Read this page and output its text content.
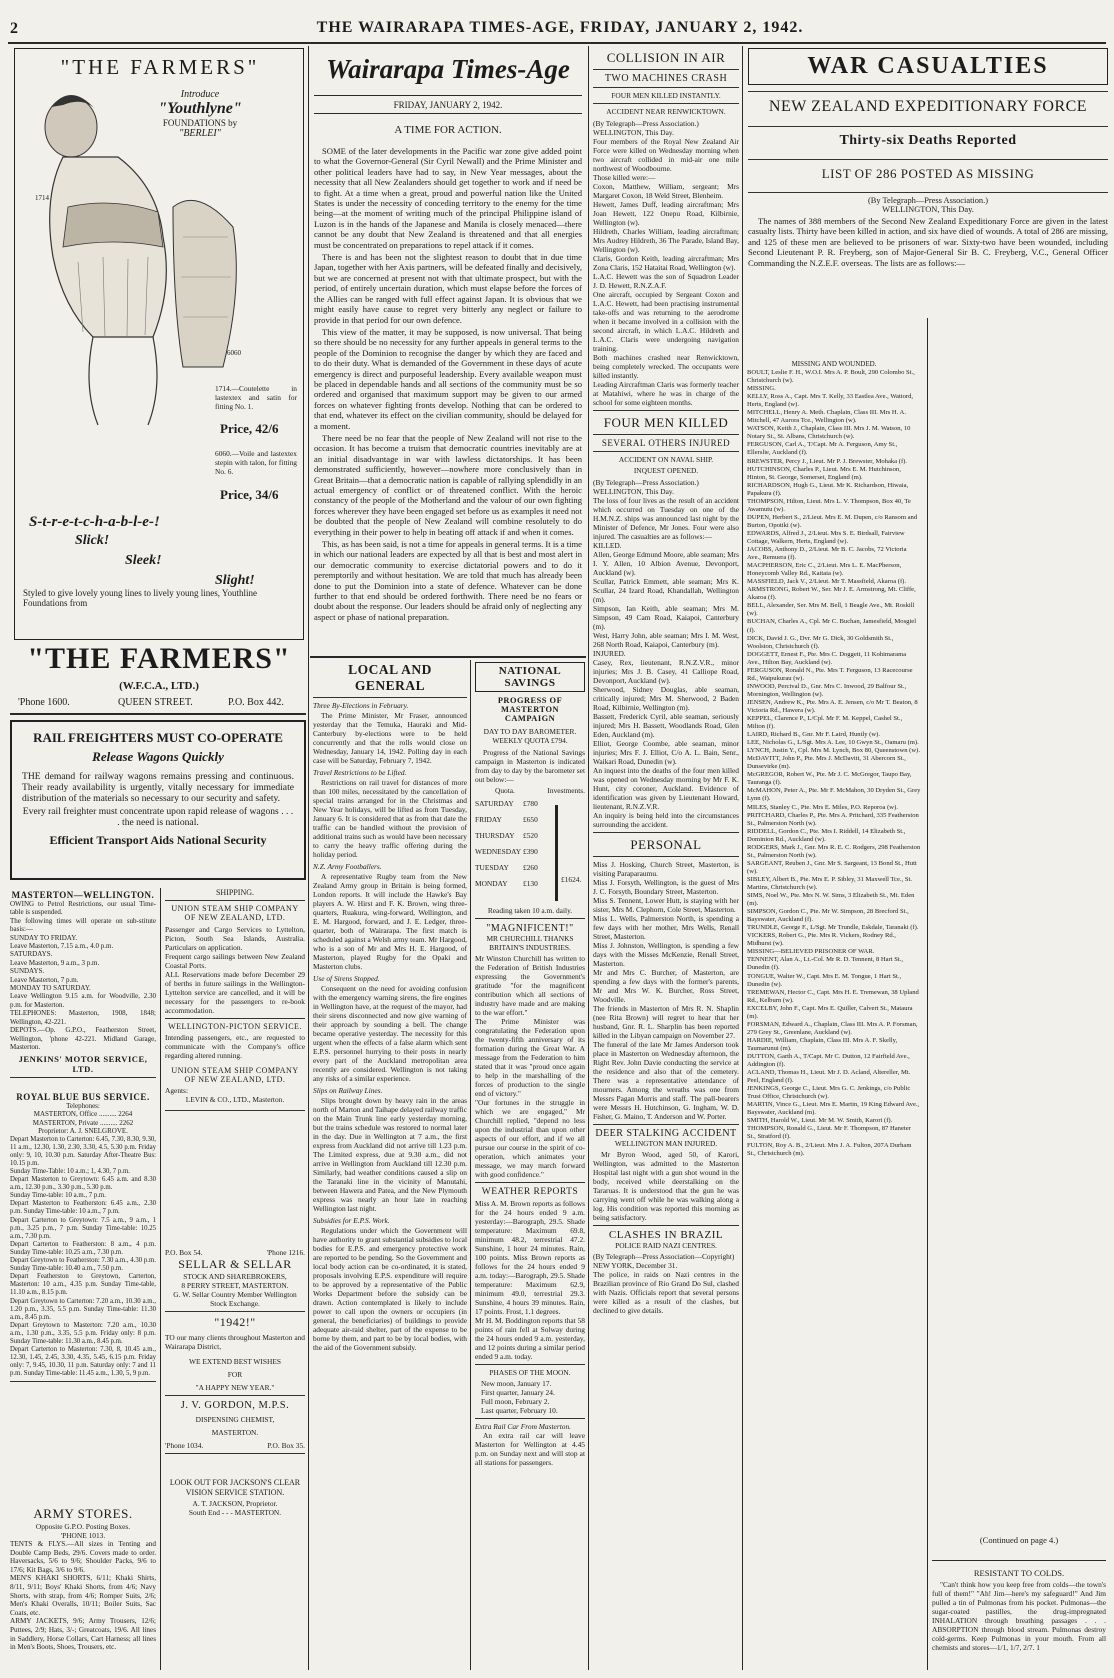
2	THE WAIRARAPA TIMES-AGE, FRIDAY, JANUARY 2, 1942.
"THE FARMERS"
Introduce
"Youthlyne"
FOUNDATIONS by
"BERLEI"
1714
6060
1714.—Coutelette in lastextex and satin for fitting No. 1.
Price, 42/6
6060.—Voile and lastextex stepin with talon, for fitting No. 6.
Price, 34/6
S-t-r-e-t-c-h-a-b-l-e-!
Slick!
Sleek!
Slight!
Styled to give lovely young lines to lively young lines, Youthline Foundations from
"THE FARMERS"
(W.F.C.A., LTD.)
'Phone 1600.	QUEEN STREET.	P.O. Box 442.
RAIL FREIGHTERS MUST CO-OPERATE
Release Wagons Quickly
THE demand for railway wagons remains pressing and continuous. Their ready availability is urgently, vitally necessary for immediate distribution of the materials so necessary to our security and safety.
Every rail freighter must concentrate upon rapid release of wagons . . . . the need is national.
Efficient Transport Aids National Security
MASTERTON—WELLINGTON.
OWING to Petrol Restrictions, our usual Time-table is suspended.
The following times will operate on sub-stitute basis:—
SUNDAY TO FRIDAY.
Leave Masterton, 7.15 a.m., 4.0 p.m.
SATURDAYS.
Leave Masterton, 9 a.m., 3 p.m.
SUNDAYS.
Leave Masterton, 7 p.m.
MONDAY TO SATURDAY.
Leave Wellington 9.15 a.m. for Woodville, 2.30 p.m. for Masterton.
TELEPHONES: Masterton, 1908, 1848; Wellington, 42-221.
DEPOTS.—Op. G.P.O., Featherston Street, Wellington, 'phone 42-221. Midland Garage, Masterton.
JENKINS' MOTOR SERVICE, LTD.
ROYAL BLUE BUS SERVICE.
Telephones:
MASTERTON, Office .......... 2264
MASTERTON, Private .......... 2262
Proprietor: A. J. SNELGROVE.
Depart Masterton to Carterton: 6.45, 7.30, 8.30, 9.30, 11 a.m., 12.30, 1.30, 2.30, 3.30, 4.5, 5.30 p.m. Friday only: 9, 10, 10.30 p.m. Saturday After-Theatre Bus: 10.15 p.m.
Sunday Time-Table: 10 a.m.; 1, 4.30, 7 p.m.
Depart Masterton to Greytown: 6.45 a.m. and 8.30 a.m., 12.30 p.m., 3.30 p.m., 5.30 p.m.
Sunday Time-table: 10 a.m., 7 p.m.
Depart Masterton to Featherston: 6.45 a.m., 2.30 p.m. Sunday Time-table: 10 a.m., 7 p.m.
Depart Carterton to Greytown: 7.5 a.m., 9 a.m., 1 p.m., 3.25 p.m., 7 p.m. Sunday Time-table: 10.25 a.m., 7.30 p.m.
Depart Carterton to Featherston: 8 a.m., 4 p.m. Sunday Time-table: 10.25 a.m., 7.30 p.m.
Depart Greytown to Featherston: 7.30 a.m., 4.30 p.m. Sunday Time-table: 10.40 a.m., 7.50 p.m.
Depart Featherston to Greytown, Carterton, Masterton: 10 a.m., 4.35 p.m. Sunday Time-table, 11.10 a.m., 8.15 p.m.
Depart Greytown to Carterton: 7.20 a.m., 10.30 a.m., 1.20 p.m., 3.35, 5.5 p.m. Sunday Time-table: 11.30 a.m., 8.45 p.m.
Depart Greytown to Masterton: 7.20 a.m., 10.30 a.m., 1.30 p.m., 3.35, 5.5 p.m. Friday only: 8 p.m. Sunday Time-table: 11.30 a.m., 8.45 p.m.
Depart Carterton to Masterton: 7.30, 8, 10.45 a.m., 12.30, 1.45, 2.45, 3.30, 4.35, 5.45, 6.15 p.m. Friday only: 7, 9.45, 10.30, 11 p.m. Saturday only: 7 and 11 p.m. Sunday Time-table: 11.45 a.m., 1.30, 5, 9 p.m.
ARMY STORES.
Opposite G.P.O. Posting Boxes.
'PHONE 1013.
TENTS & FLYS.—All sizes in Tenting and Double Camp Beds, 29/6. Covers made to order. Haversacks, 5/6 to 9/6; Shoulder Packs, 9/6 to 17/6; Kit Bags, 3/6 to 9/6.
MEN'S KHAKI SHORTS, 6/11; Khaki Shirts, 8/11, 9/11; Boys' Khaki Shorts, from 4/6; Navy Shorts, with strap, from 4/6; Romper Suits, 2/6; Men's Khaki Overalls, 10/11; Boiler Suits, Sac Coats, etc.
ARMY JACKETS, 9/6; Army Trousers, 12/6; Puttees, 2/9; Hats, 3/-; Greatcoats, 19/6. All lines in Saddlery, Horse Collars, Cart Harness; all lines in Men's Boots, Shoes, Trousers, etc.
SHIPPING.
UNION STEAM SHIP COMPANY OF NEW ZEALAND, LTD.
Passenger and Cargo Services to Lyttelton, Picton, South Sea Islands, Australia. Particulars on application.
Frequent cargo sailings between New Zealand Coastal Ports.
ALL Reservations made before December 29 of berths in future sailings in the Wellington-Lyttelton service are cancelled, and it will be necessary for the passengers to re-book accommodation.
WELLINGTON-PICTON SERVICE.
Intending passengers, etc., are requested to communicate with the Company's office regarding altered running.
UNION STEAM SHIP COMPANY OF NEW ZEALAND, LTD.
Agents:
LEVIN & CO., LTD., Masterton.
P.O. Box 54.	'Phone 1216.
SELLAR & SELLAR
STOCK AND SHAREBROKERS,
8 PERRY STREET, MASTERTON.
G. W. Sellar Country Member Wellington Stock Exchange.
"1942!"
TO our many clients throughout Masterton and Wairarapa District,
WE EXTEND BEST WISHES
FOR
"A HAPPY NEW YEAR."
J. V. GORDON, M.P.S.
DISPENSING CHEMIST,
MASTERTON.
'Phone 1034.	P.O. Box 35.
LOOK OUT FOR JACKSON'S CLEAR VISION SERVICE STATION.
A. T. JACKSON, Proprietor.
South End - - - MASTERTON.
Wairarapa Times-Age
FRIDAY, JANUARY 2, 1942.
A TIME FOR ACTION.

SOME of the later developments in the Pacific war zone give added point to what the Governor-General (Sir Cyril Newall) and the Prime Minister and other political leaders have had to say, in New Year messages, about the necessity that all New Zealanders should get together to work and if need be to fight. At a time when a great, proud and powerful nation like the United States is under the necessity of conceding territory to the enemy for the time being—at the moment of writing much of the principal Philippine island of Luzon is in the hands of the Japanese and Manila is closely menaced—there cannot be any doubt that New Zealand is threatened and that all energies must be concentrated on preparations to repel attack if it comes.

There is and has been not the slightest reason to doubt that in due time Japan, together with her Axis partners, will be defeated finally and decisively, but we are concerned at present not with that ultimate prospect, but with the period, of entirely uncertain duration, which must elapse before the forces of the Allies can be ranged with full effect against Japan. It is obvious that we might easily have cause to regret very bitterly any neglect or failure to provide in that period for our own defence.

This view of the matter, it may be supposed, is now universal. That being so there should be no necessity for any further appeals in general terms to the people of the Dominion to recognise the danger by which they are faced and to do their duty. What is demanded of the Government in these days of acute emergency is direct and purposeful leadership. Every available weapon must be placed in dependable hands and all sections of the community must be so ordered and organised that maximum support may be given to our armed forces on whatever fighting fronts develop. Nothing that can be ordered to that end, whatever its effect on the civilian community, should be delayed for a moment.

There need be no fear that the people of New Zealand will not rise to the occasion. It has become a truism that democratic countries inevitably are at an initial disadvantage in war with lawless dictatorships. It has been demonstrated sufficiently, however—nowhere more conclusively than in Great Britain—that a democratic nation is capable of rallying splendidly in an actual emergency of conflict or of threatened conflict. With the heroic constancy of the people of the Motherland and the valour of our own fighting forces wherever they have been engaged set before us as examples it need not be doubted that the people of New Zealand will combine resolutely to do everything in their power to help in beating off attack if and when it comes.

This, as has been said, is not a time for appeals in general terms. It is a time in which our national leaders are expected by all that is best and most alert in our democratic community to exercise dictatorial powers and to do it peremptorily and without hesitation. We are told that much has already been done to put the Dominion into a state of defence. Whatever can be done further to that end should be ordered forthwith. There need be no fears or doubt about the response. Our leaders should be afraid only of neglecting any aspect or phase of national preparation.

LOCAL AND GENERAL
Three By-Elections in February.

The Prime Minister, Mr Fraser, announced yesterday that the Temuka, Hauraki and Mid-Canterbury by-elections were to be held concurrently and that the rolls would close on Wednesday, January 14, 1942. Polling day in each case will be Saturday, February 7, 1942.

Travel Restrictions to be Lifted.

Restrictions on rail travel for distances of more than 100 miles, necessitated by the cancellation of special trains arranged for in the Christmas and New Year holidays, will be lifted as from Tuesday, January 6. It is considered that as from that date the traffic can be handled without the provision of additional trains such as would have been necessary to carry the heavy traffic offering during the holiday period.

N.Z. Army Footballers.

A representative Rugby team from the New Zealand Army group in Britain is being formed, London reports. It will include the Hawke's Bay players A. W. Hirst and F. K. Brown, wing three-quarters, Ruakura, wing-forward, Wellington, and E. M. Hargood, forward, and J. E. Ledger, three-quarter, both of Wairarapa. The first match is scheduled against a Welsh army team. Mr Hargood, who is a son of Mr and Mrs H. E. Hargood, of Masterton, played Rugby for the Opaki and Masterton clubs.

Use of Sirens Stopped.

Consequent on the need for avoiding confusion with the emergency warning sirens, the fire engines in Wellington have, at the request of the mayor, had their sirens disconnected and now give warning of their approach by sounding a bell. The change became operative yesterday. The necessity for this urgent when the effects of a false alarm which sent E.P.S. personnel hurrying to their posts in nearly every part of the Auckland metropolitan area recently are considered. Wellington is not taking any risks of a similar experience.

Slips on Railway Lines.

Slips brought down by heavy rain in the areas north of Marton and Taihape delayed railway traffic on the Main Trunk line early yesterday morning, but the trains schedule was restored to normal later in the day. Due in Wellington at 7 a.m., the first express from Auckland did not arrive till 1.23 p.m. The Limited express, due at 9.30 a.m., did not arrive in Wellington from Auckland till 12.30 p.m. Similarly, bad weather conditions caused a slip on the Taranaki line in the vicinity of Manutahi, between Hawera and Patea, and the New Plymouth express was nearly an hour late in reaching Wellington last night.

Subsidies for E.P.S. Work.

Regulations under which the Government will have authority to grant substantial subsidies to local bodies for E.P.S. and emergency protective work are reported to be pending. So the Government and local body action can be co-ordinated, it is stated, proposals involving E.P.S. expenditure will require to be approved by a representative of the Public Works Department before the subsidy can be drawn. Action contemplated is likely to include power to call upon the owners or occupiers (in general, the beneficiaries) of buildings to provide adequate air-raid shelter, part of the expense to be borne by them, and part to be by local bodies, with the aid of the Government subsidy.

NATIONAL SAVINGS
PROGRESS OF MASTERTON CAMPAIGN
DAY TO DAY BAROMETER.
WEEKLY QUOTA £794.

Progress of the National Savings campaign in Masterton is indicated from day to day by the barometer set out below:—

Quota.	Investments.
SATURDAY	£780
FRIDAY	£650
THURSDAY	£520
WEDNESDAY £390
TUESDAY	£260
MONDAY	£130	£1624.
Reading taken 10 a.m. daily.
"MAGNIFICENT!"
MR CHURCHILL THANKS BRITAIN'S INDUSTRIES.
Mr Winston Churchill has written to the Federation of British Industries expressing the Government's gratitude "for the magnificent contribution which all sections of industry have made and are making to the war effort."
The Prime Minister was congratulating the Federation upon the twenty-fifth anniversary of its formation during the Great War. A message from the Federation to him stated that it was "proud once again to help in the marshalling of the forces of production to the single end of victory."
"Our fortunes in the struggle in which we are engaged," Mr Churchill replied, "depend no less upon the industrial than upon other aspects of our effort, and if we all pursue our course in the spirit of co-operation, which animates your message, we may march forward with good confidence."
WEATHER REPORTS
Miss A. M. Brown reports as follows for the 24 hours ended 9 a.m. yesterday:—Barograph, 29.5. Shade temperature: Maximum 69.8, minimum 48.2, terrestrial 47.2. Sunshine, 1 hour 24 minutes. Rain, 100 points. Miss Brown reports as follows for the 24 hours ended 9 a.m. today:—Barograph, 29.5. Shade temperature: Maximum 62.9, minimum 49.0, terrestrial 29.3. Sunshine, 4 hours 39 minutes. Rain, 17 points. Frost, 1.1 degrees.
Mr H. M. Boddington reports that 58 points of rain fell at Solway during the 24 hours ended 9 a.m. yesterday, and 12 points during a similar period ended 9 a.m. today.
PHASES OF THE MOON.
New moon, January 17.
First quarter, January 24.
Full moon, February 2.
Last quarter, February 10.
Extra Rail Car From Masterton.

An extra rail car will leave Masterton for Wellington at 4.45 p.m. on Sunday next and will stop at all stations for passengers.

COLLISION IN AIR
TWO MACHINES CRASH
FOUR MEN KILLED INSTANTLY.
ACCIDENT NEAR RENWICKTOWN.
(By Telegraph—Press Association.)
WELLINGTON, This Day.
Four members of the Royal New Zealand Air Force were killed on Wednesday morning when two aircraft collided in mid-air one mile northwest of Woodbourne.
Those killed were:—
Coxon, Matthew, William, sergeant; Mrs Margaret Coxon, 18 Weld Street, Blenheim.
Hewett, James Duff, leading aircraftman; Mrs Joan Hewett, 122 Onepu Road, Kilbirnie, Wellington (w).
Hildreth, Charles William, leading aircraftman; Mrs Audrey Hildreth, 36 The Parade, Island Bay, Wellington (w).
Claris, Gordon Keith, leading aircraftman; Mrs Zona Claris, 152 Hataitai Road, Wellington (w).
L.A.C. Hewett was the son of Squadron Leader J. D. Hewett, R.N.Z.A.F.
One aircraft, occupied by Sergeant Coxon and L.A.C. Hewett, had been practising instrumental take-offs and was returning to the aerodrome when it became involved in a collision with the second aircraft, in which L.A.C. Hildreth and L.A.C. Claris were undergoing navigation training.
Both machines crashed near Renwicktown, being completely wrecked. The occupants were killed instantly.
Leading Aircraftman Claris was formerly teacher at Matahiwi, where he was in charge of the school for some eighteen months.
FOUR MEN KILLED
SEVERAL OTHERS INJURED
ACCIDENT ON NAVAL SHIP.
INQUEST OPENED.
(By Telegraph—Press Association.)
WELLINGTON, This Day.
The loss of four lives as the result of an accident which occurred on Tuesday on one of the H.M.N.Z. ships was announced last night by the Minister of Defence, Mr Jones. Four were also injured. The casualties are as follows:—
KILLED.
Allen, George Edmund Moore, able seaman; Mrs I. Y. Allen, 10 Albion Avenue, Devonport, Auckland (w).
Scullar, Patrick Emmett, able seaman; Mrs K. Scullar, 24 Izard Road, Khandallah, Wellington (m).
Simpson, Ian Keith, able seaman; Mrs M. Simpson, 49 Cam Road, Kaiapoi, Canterbury (m).
West, Harry John, able seaman; Mrs I. M. West, 268 North Road, Kaiapoi, Canterbury (m).
INJURED.
Casey, Rex, lieutenant, R.N.Z.V.R., minor injuries; Mrs J. B. Casey, 41 Calliope Road, Devonport, Auckland (w).
Sherwood, Sidney Douglas, able seaman, critically injured; Mrs M. Sherwood, 2 Baden Road, Kilbirnie, Wellington (m).
Bassett, Frederick Cyril, able seaman, seriously injured; Mrs H. Bassett, Woodlands Road, Glen Eden, Auckland (m).
Elliot, George Coombe, able seaman, minor injuries; Mrs F. J. Elliot, C/o A. L. Bain, Senr., Waikari Road, Dunedin (w).
An inquest into the deaths of the four men killed was opened on Wednesday morning by Mr F. K. Hunt, city coroner, Auckland. Evidence of identification was given by Lieutenant Howard, lieutenant, R.N.Z.V.R.
An inquiry is being held into the circumstances surrounding the accident.
PERSONAL
Miss J. Hosking, Church Street, Masterton, is visiting Paraparaumu.
Miss J. Forsyth, Wellington, is the guest of Mrs J. C. Forsyth, Boundary Street, Masterton.
Miss S. Tennent, Lower Hutt, is staying with her sister, Mrs M. Clephorn, Cole Street, Masterton.
Miss L. Wells, Palmerston North, is spending a few days with her mother, Mrs Wells, Renall Street, Masterton.
Miss J. Johnston, Wellington, is spending a few days with the Misses McKenzie, Renall Street, Masterton.
Mr and Mrs C. Burcher, of Masterton, are spending a few days with the former's parents, Mr and Mrs W. K. Burcher, Ross Street, Woodville.
The friends in Masterton of Mrs R. N. Shaplin (nee Rita Brown) will regret to hear that her husband, Gnr. R. L. Sharplin has been reported killed in the Libyan campaign on November 27.
The funeral of the late Mr James Anderson took place in Masterton on Wednesday afternoon, the Right Rev. John Davie conducting the service at the residence and also that of the cemetery. There was a representative attendance of mourners. Among the wreaths was one from Messrs Pagan Morris and staff. The pall-bearers were Messrs H. Hutchinson, G. Ingham, W. D. Fisher, G. Maino, T. Anderson and W. Porter.
DEER STALKING ACCIDENT
WELLINGTON MAN INJURED.

Mr Byron Wood, aged 50, of Karori, Wellington, was admitted to the Masterton Hospital last night with a gun shot wound in the body, received while deerstalking on the Tararuas. It is understood that the gun he was carrying went off while he was walking along a log. His condition was reported this morning as being satisfactory.

CLASHES IN BRAZIL
POLICE RAID NAZI CENTRES.
(By Telegraph—Press Association—Copyright)
NEW YORK, December 31.
The police, in raids on Nazi centres in the Brazilian province of Rio Grand Do Sul, clashed with Nazis. Officials report that several persons were killed as a result of the clashes, but declined to give details.
WAR CASUALTIES
NEW ZEALAND EXPEDITIONARY FORCE
Thirty-six Deaths Reported
LIST OF 286 POSTED AS MISSING
(By Telegraph—Press Association.)
WELLINGTON, This Day.

The names of 388 members of the Second New Zealand Expeditionary Force are given in the latest casualty lists. Thirty have been killed in action, and six have died of wounds. A total of 286 are missing, and 125 of these men are believed to be prisoners of war. Sixty-two have been wounded, including Second Lieutenant P. R. Freyberg, son of Major-General Sir B. C. Freyberg, V.C., General Officer Commanding the N.Z.E.F. overseas. The lists are as follows:—

MISSING AND WOUNDED.
BOULT, Leslie F. H., W.O.I. Mrs A. P. Boult, 290 Colombo St., Christchurch (w).
MISSING.
KELLY, Ross A., Capt. Mrs T. Kelly, 33 Eastlea Ave., Wattord, Herts, England (w).
MITCHELL, Henry A. Meth. Chaplain, Class III. Mrs H. A. Mitchell, 47 Aurora Tce., Wellington (w).
WATSON, Keith J., Chaplain, Class III. Mrs J. M. Watson, 10 Notary St., St. Albans, Christchurch (w).
FERGUSON, Carl A., T/Capt. Mr A. Ferguson, Amy St., Ellerslie, Auckland (f).
BREWSTER, Percy J., Lieut. Mr P. J. Brewster, Mohaka (f).
HUTCHINSON, Charles P., Lieut. Mrs E. M. Hutchinson, Hinton, St. George, Somerset, England (m).
RICHARDSON, Hugh G., Lieut. Mr K. Richardson, Hiwaia, Papakura (f).
THOMPSON, Hilton, Lieut. Mrs L. V. Thompson, Box 40, Te Awamutu (w).
DUPEN, Herbert S., 2/Lieut. Mrs E. M. Dupen, c/o Ransom and Burton, Opotiki (w).
EDWARDS, Alfred J., 2/Lieut. Mrs S. E. Birdsall, Fairview Cottage, Walkern, Herts, England (w).
JACOBS, Anthony D., 2/Lieut. Mr B. C. Jacobs, 72 Victoria Ave., Remuera (f).
MACPHERSON, Eric C., 2/Lieut. Mrs L. E. MacPherson, Honeycomb Valley Rd., Kaitaia (w).
MASSFIELD, Jack V., 2/Lieut. Mr T. Massfield, Akaroa (f).
ARMSTRONG, Robert W., Ser. Mr J. E. Armstrong, Mt. Cliffe, Akaroa (f).
BELL, Alexander, Ser. Mrs M. Bell, 1 Beagle Ave., Mt. Roskill (w).
BUCHAN, Charles A., Cpl. Mr C. Buchan, Jamesfield, Mosgiel (f).
DICK, David J. G., Dvr. Mr G. Dick, 30 Goldsmith St., Woolston, Christchurch (f).
DOGGETT, Ernest F., Pte. Mrs C. Doggett, 11 Kohimarama Ave., Hilton Bay, Auckland (w).
FERGUSON, Ronald N., Pte. Mrs T. Ferguson, 13 Racecourse Rd., Waipukurau (w).
INWOOD, Percival D., Gnr. Mrs C. Inwood, 29 Balfour St., Mornington, Wellington (w).
JENSEN, Andrew K., Pte. Mrs A. E. Jensen, c/o Mr T. Beaton, 8 Victoria Rd., Hawera (w).
KEPPEL, Clarence P., L/Cpl. Mr F. M. Keppel, Cashel St., Milton (f).
LAIRD, Richard B., Gnr. Mr F. Laird, Huntly (w).
LEE, Nicholas G., L/Sgt. Mrs A. Lee, 10 Gwyn St., Oamaru (m).
LYNCH, Justin Y., Cpl. Mrs M. Lynch, Box 80, Queenstown (w).
McDAVITT, John P., Pte. Mrs J. McDavitt, 31 Abercorn St., Dunsevirke (m).
McGREGOR, Robert W., Pte. Mr J. C. McGregor, Taupo Bay, Tauranga (f).
McMAHON, Peter A., Pte. Mr F. McMahon, 30 Dryden St., Grey Lynn (f).
MILES, Stanley C., Pte. Mrs E. Miles, P.O. Reporoa (w).
PRITCHARD, Charles P., Pte. Mrs A. Pritchard, 335 Featherston St., Palmerston North (w).
RIDDELL, Gordon C., Pte. Mrs I. Riddell, 14 Elizabeth St., Dominion Rd., Auckland (w).
RODGERS, Mark J., Gnr. Mrs R. E. C. Rodgers, 298 Featherston St., Palmerston North (w).
SARGEANT, Reuben J., Gnr. Mr S. Sargeant, 13 Bond St., Hutt (w).
SIBLEY, Albert B., Pte. Mrs E. P. Sibley, 31 Maxwell Tce., St. Martins, Christchurch (w).
SIMS, Noel W., Pte. Mrs N. W. Sims, 3 Elizabeth St., Mt. Eden (m).
SIMPSON, Gordon C., Pte. Mr W. Simpson, 28 Brecford St., Bayswater, Auckland (f).
TRUNDLE, George F., L/Sgt. Mr Trundle, Eskdale, Taranaki (f).
VICKERS, Robert G., Pte. Mrs R. Vickers, Rodney Rd., Midhurst (w).
MISSING—BELIEVED PRISONER OF WAR.
TENNENT, Alan A., Lt.-Col. Mr R. D. Tennent, 8 Hart St., Dunedin (f).
TONGUE, Walter W., Capt. Mrs E. M. Tongue, 1 Hart St., Dunedin (w).
TREMEWAN, Hector C., Capt. Mrs H. E. Tremewan, 38 Upland Rd., Kelburn (w).
EXCELBY, John F., Capt. Mrs E. Quiller, Calvert St., Mataura (m).
FORSMAN, Edward A., Chaplain, Class III. Mrs A. P. Forsman, 279 Grey St., Greenlane, Auckland (w).
HARDIE, William, Chaplain, Class III. Mrs A. F. Skelly, Taumarunui (m).
DUTTON, Garth A., T/Capt. Mr C. Dutton, 12 Fairfield Ave., Addington (f).
ACLAND, Thomas H., Lieut. Mr J. D. Acland, Altereller, Mt. Peel, England (f).
JENKINGS, George C., Lieut. Mrs G. C. Jenkings, c/o Public Trust Office, Christchurch (w).
MARTIN, Vince G., Lieut. Mrs E. Martin, 19 King Edward Ave., Bayswater, Auckland (m).
SMITH, Harold W., Lieut. Mr M. W. Smith, Karori (f).
THOMPSON, Ronald G., Lieut. Mr F. Thompson, 87 Haneter St., Stratford (f).
FULTON, Roy A. B., 2/Lieut. Mrs J. A. Fulton, 207A Durham St., Christchurch (m).
(Continued on page 4.)
RESISTANT TO COLDS.

"Can't think how you keep free from colds—the town's full of them!" "Ah! Jim—here's my safeguard!" And Jim pulled a tin of Pulmonas from his pocket. Pulmonas—the sugar-coated pastilles, the drug-impregnated INHALATION through breathing passages . . . ABSORPTION through blood stream. Pulmonas destroy cold-germs. Keep Pulmonas in your mouth. From all chemists and stores—1/1, 1/7, 2/7. 1
